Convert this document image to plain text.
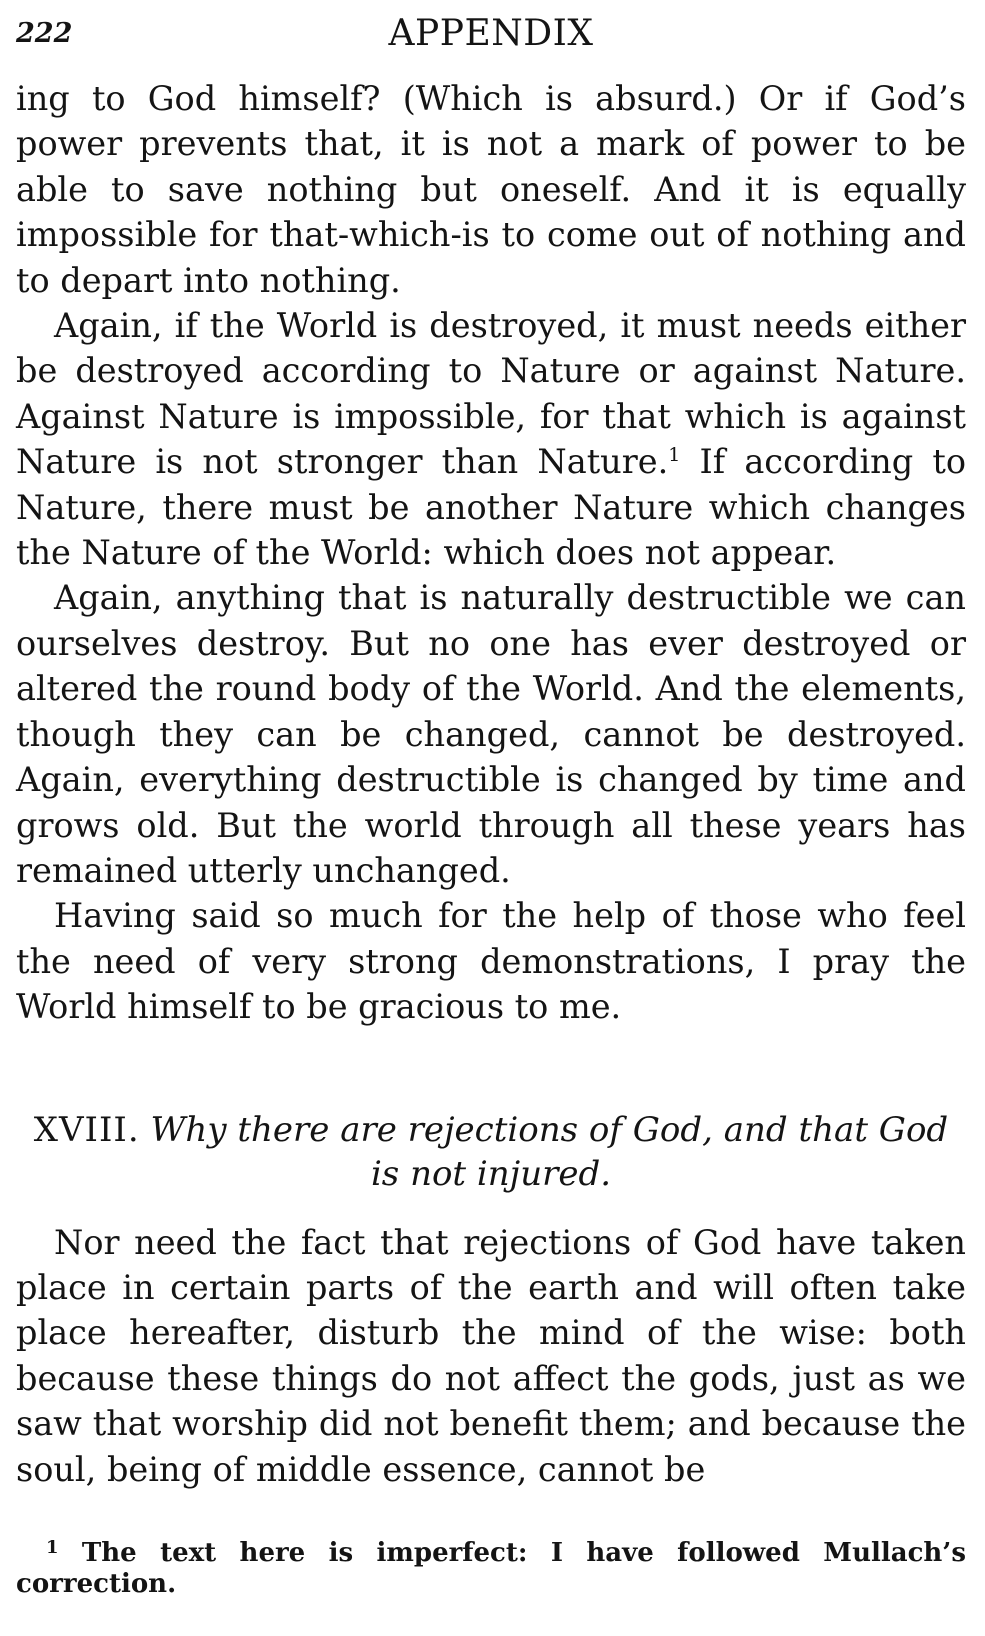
222	APPENDIX

ing to God himself? (Which is absurd.) Or if God’s power prevents that, it is not a mark of power to be able to save nothing but oneself. And it is equally impossible for that-which-is to come out of nothing and to depart into nothing.

Again, if the World is destroyed, it must needs either be destroyed according to Nature or against Nature. Against Nature is impossible, for that which is against Nature is not stronger than Nature.$^1$ If according to Nature, there must be another Nature which changes the Nature of the World: which does not appear.

Again, anything that is naturally destructible we can ourselves destroy. But no one has ever destroyed or altered the round body of the World. And the elements, though they can be changed, cannot be destroyed. Again, everything destructible is changed by time and grows old. But the world through all these years has remained utterly unchanged.

Having said so much for the help of those who feel the need of very strong demonstrations, I pray the World himself to be gracious to me.

XVIII. Why there are rejections of God, and that God is not injured.

Nor need the fact that rejections of God have taken place in certain parts of the earth and will often take place hereafter, disturb the mind of the wise: both because these things do not affect the gods, just as we saw that worship did not benefit them; and because the soul, being of middle essence, cannot be

$^1$ The text here is imperfect: I have followed Mullach’s correction.
